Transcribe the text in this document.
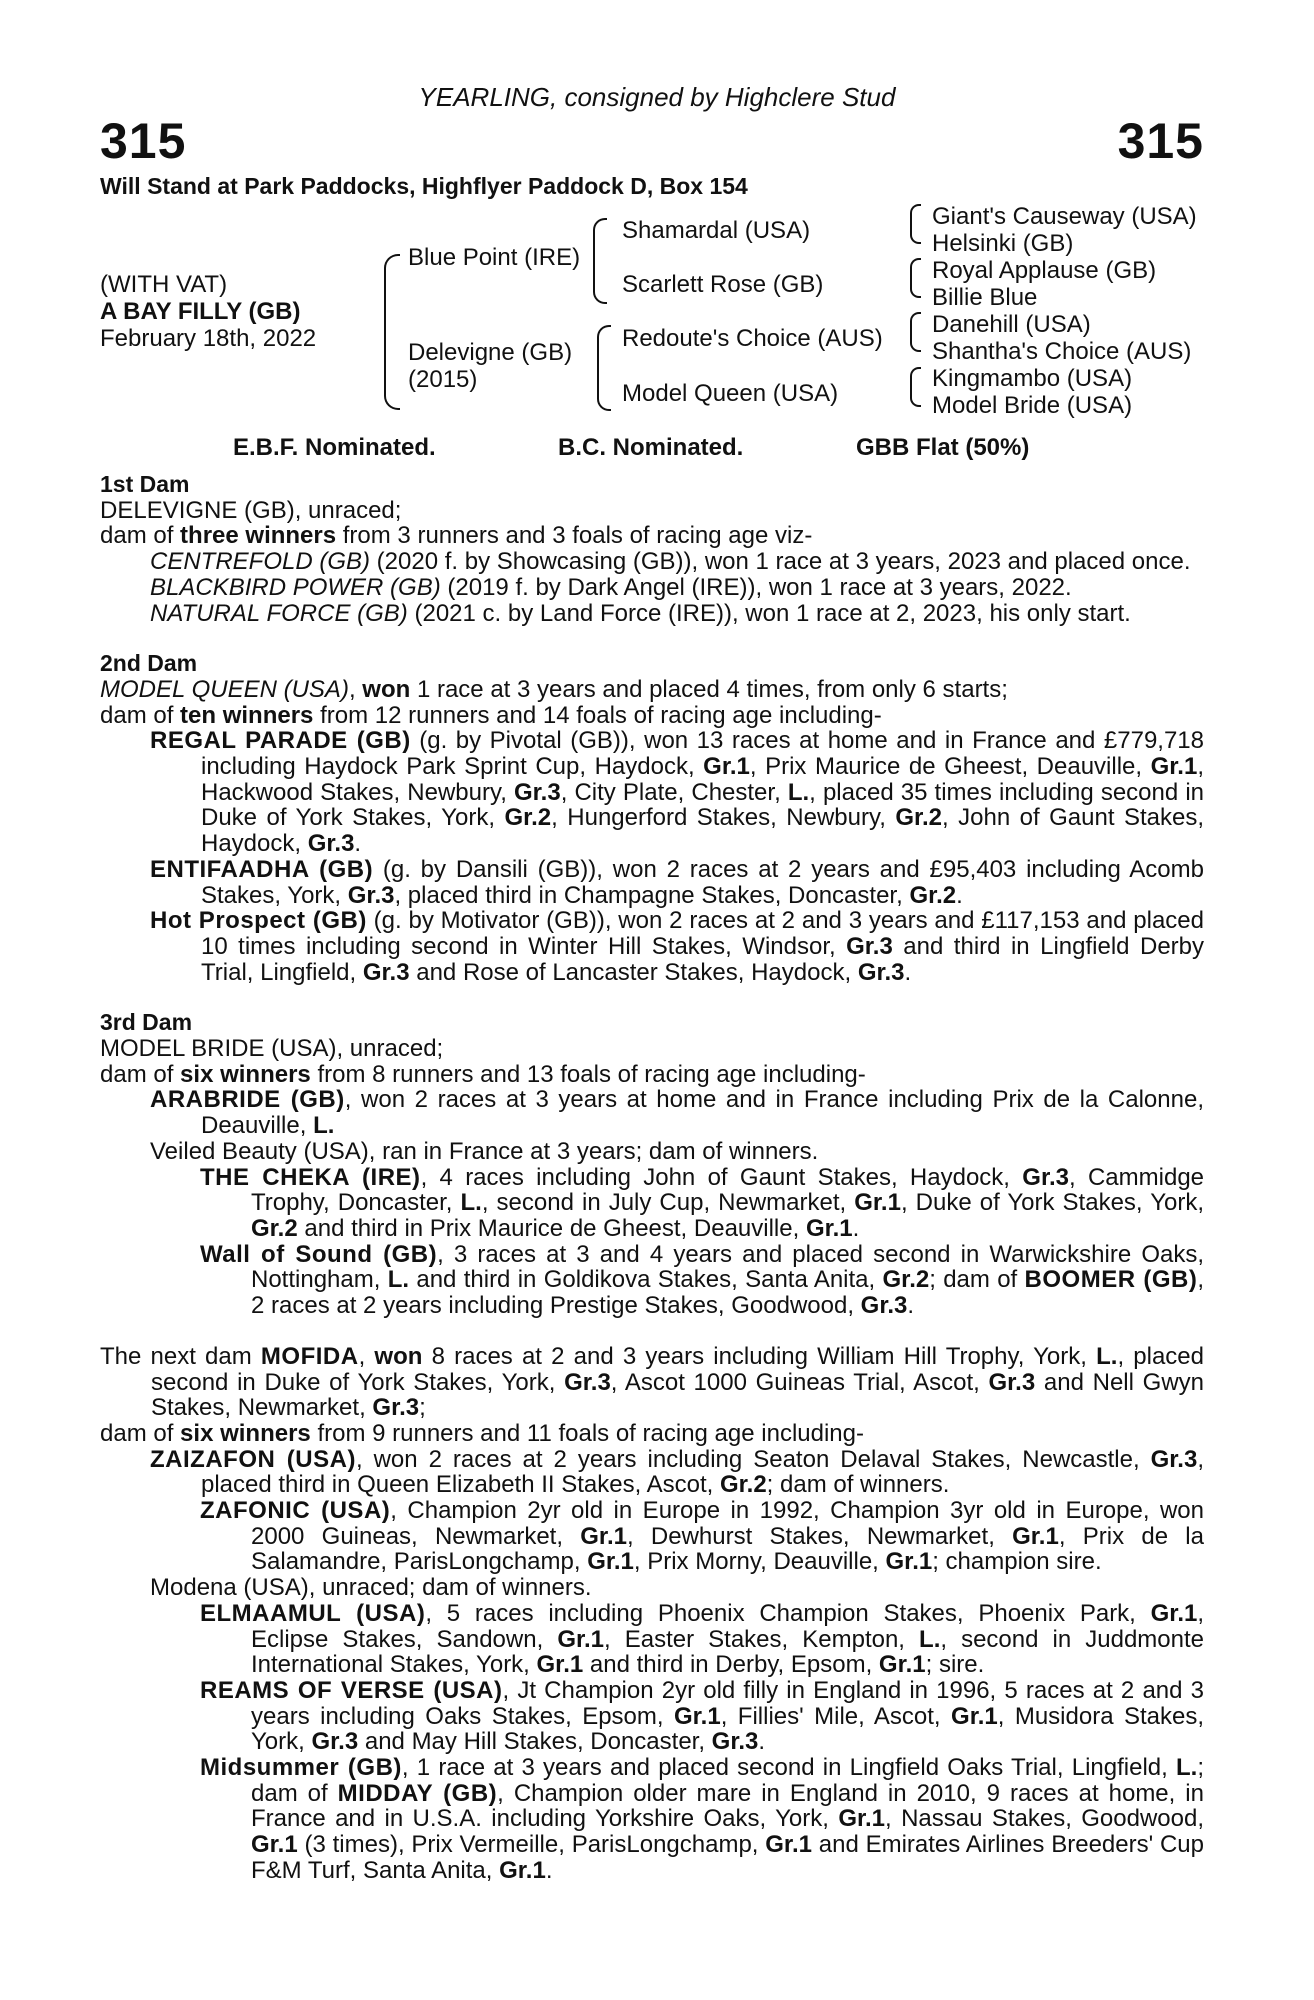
YEARLING, consigned by Highclere Stud
315	315
Will Stand at Park Paddocks, Highflyer Paddock D, Box 154
(WITH VAT)
A BAY FILLY (GB)
February 18th, 2022
Blue Point (IRE)
Delevigne (GB)
(2015)
Shamardal (USA)
Scarlett Rose (GB)
Redoute's Choice (AUS)
Model Queen (USA)
Giant's Causeway (USA)
Helsinki (GB)
Royal Applause (GB)
Billie Blue
Danehill (USA)
Shantha's Choice (AUS)
Kingmambo (USA)
Model Bride (USA)
E.B.F. Nominated.	B.C. Nominated.	GBB Flat (50%)

1st Dam

DELEVIGNE (GB), unraced;

dam of three winners from 3 runners and 3 foals of racing age viz-

CENTREFOLD (GB) (2020 f. by Showcasing (GB)), won 1 race at 3 years, 2023 and placed once.

BLACKBIRD POWER (GB) (2019 f. by Dark Angel (IRE)), won 1 race at 3 years, 2022.

NATURAL FORCE (GB) (2021 c. by Land Force (IRE)), won 1 race at 2, 2023, his only start.

2nd Dam

MODEL QUEEN (USA), won 1 race at 3 years and placed 4 times, from only 6 starts;

dam of ten winners from 12 runners and 14 foals of racing age including-

REGAL PARADE (GB) (g. by Pivotal (GB)), won 13 races at home and in France and £779,718 including Haydock Park Sprint Cup, Haydock, Gr.1, Prix Maurice de Gheest, Deauville, Gr.1, Hackwood Stakes, Newbury, Gr.3, City Plate, Chester, L., placed 35 times including second in Duke of York Stakes, York, Gr.2, Hungerford Stakes, Newbury, Gr.2, John of Gaunt Stakes, Haydock, Gr.3.

ENTIFAADHA (GB) (g. by Dansili (GB)), won 2 races at 2 years and £95,403 including Acomb Stakes, York, Gr.3, placed third in Champagne Stakes, Doncaster, Gr.2.

Hot Prospect (GB) (g. by Motivator (GB)), won 2 races at 2 and 3 years and £117,153 and placed 10 times including second in Winter Hill Stakes, Windsor, Gr.3 and third in Lingfield Derby Trial, Lingfield, Gr.3 and Rose of Lancaster Stakes, Haydock, Gr.3.

3rd Dam

MODEL BRIDE (USA), unraced;

dam of six winners from 8 runners and 13 foals of racing age including-

ARABRIDE (GB), won 2 races at 3 years at home and in France including Prix de la Calonne, Deauville, L.

Veiled Beauty (USA), ran in France at 3 years; dam of winners.

THE CHEKA (IRE), 4 races including John of Gaunt Stakes, Haydock, Gr.3, Cammidge Trophy, Doncaster, L., second in July Cup, Newmarket, Gr.1, Duke of York Stakes, York, Gr.2 and third in Prix Maurice de Gheest, Deauville, Gr.1.

Wall of Sound (GB), 3 races at 3 and 4 years and placed second in Warwickshire Oaks, Nottingham, L. and third in Goldikova Stakes, Santa Anita, Gr.2; dam of BOOMER (GB), 2 races at 2 years including Prestige Stakes, Goodwood, Gr.3.

The next dam MOFIDA, won 8 races at 2 and 3 years including William Hill Trophy, York, L., placed second in Duke of York Stakes, York, Gr.3, Ascot 1000 Guineas Trial, Ascot, Gr.3 and Nell Gwyn Stakes, Newmarket, Gr.3;

dam of six winners from 9 runners and 11 foals of racing age including-

ZAIZAFON (USA), won 2 races at 2 years including Seaton Delaval Stakes, Newcastle, Gr.3, placed third in Queen Elizabeth II Stakes, Ascot, Gr.2; dam of winners.

ZAFONIC (USA), Champion 2yr old in Europe in 1992, Champion 3yr old in Europe, won 2000 Guineas, Newmarket, Gr.1, Dewhurst Stakes, Newmarket, Gr.1, Prix de la Salamandre, ParisLongchamp, Gr.1, Prix Morny, Deauville, Gr.1; champion sire.

Modena (USA), unraced; dam of winners.

ELMAAMUL (USA), 5 races including Phoenix Champion Stakes, Phoenix Park, Gr.1, Eclipse Stakes, Sandown, Gr.1, Easter Stakes, Kempton, L., second in Juddmonte International Stakes, York, Gr.1 and third in Derby, Epsom, Gr.1; sire.

REAMS OF VERSE (USA), Jt Champion 2yr old filly in England in 1996, 5 races at 2 and 3 years including Oaks Stakes, Epsom, Gr.1, Fillies' Mile, Ascot, Gr.1, Musidora Stakes, York, Gr.3 and May Hill Stakes, Doncaster, Gr.3.

Midsummer (GB), 1 race at 3 years and placed second in Lingfield Oaks Trial, Lingfield, L.; dam of MIDDAY (GB), Champion older mare in England in 2010, 9 races at home, in France and in U.S.A. including Yorkshire Oaks, York, Gr.1, Nassau Stakes, Goodwood, Gr.1 (3 times), Prix Vermeille, ParisLongchamp, Gr.1 and Emirates Airlines Breeders' Cup F&M Turf, Santa Anita, Gr.1.
